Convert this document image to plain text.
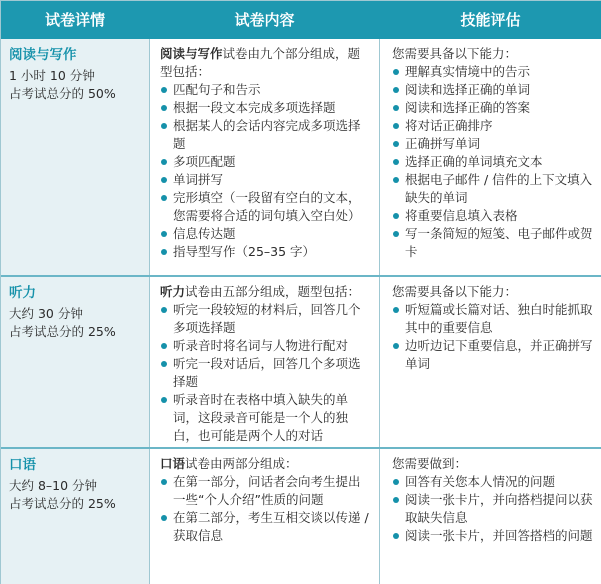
试卷详情	试卷内容	技能评估
阅读与写作
1 小时 10 分钟
占考试总分的 50%
阅读与写作试卷由九个部分组成，题型包括：
匹配句子和告示
根据一段文本完成多项选择题
根据某人的会话内容完成多项选择题
多项匹配题
单词拼写
完形填空（一段留有空白的文本，您需要将合适的词句填入空白处）
信息传达题
指导型写作（25–35 字）
您需要具备以下能力：
理解真实情境中的告示
阅读和选择正确的单词
阅读和选择正确的答案
将对话正确排序
正确拼写单词
选择正确的单词填充文本
根据电子邮件 / 信件的上下文填入缺失的单词
将重要信息填入表格
写一条简短的短笺、电子邮件或贺卡
听力
大约 30 分钟
占考试总分的 25%
听力试卷由五部分组成，题型包括：
听完一段较短的材料后，回答几个多项选择题
听录音时将名词与人物进行配对
听完一段对话后，回答几个多项选择题
听录音时在表格中填入缺失的单词，这段录音可能是一个人的独白，也可能是两个人的对话
您需要具备以下能力：
听短篇或长篇对话、独白时能抓取其中的重要信息
边听边记下重要信息，并正确拼写单词
口语
大约 8–10 分钟
占考试总分的 25%
口语试卷由两部分组成：
在第一部分，问话者会向考生提出一些“个人介绍”性质的问题
在第二部分，考生互相交谈以传递 / 获取信息
您需要做到：
回答有关您本人情况的问题
阅读一张卡片，并向搭档提问以获取缺失信息
阅读一张卡片，并回答搭档的问题
